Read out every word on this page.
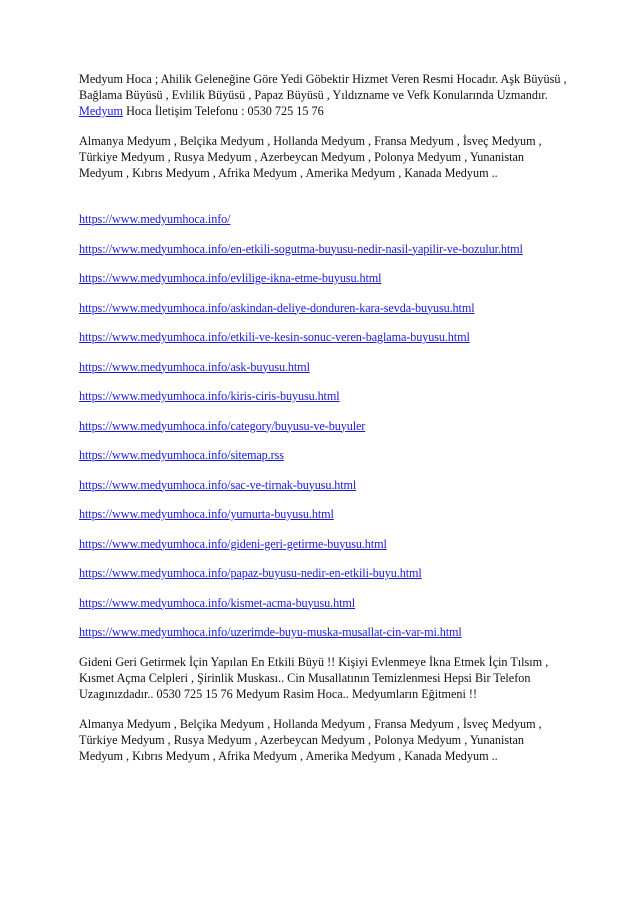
Medyum Hoca ; Ahilik Geleneğine Göre Yedi Göbektir Hizmet Veren Resmi Hocadır. Aşk Büyüsü , Bağlama Büyüsü , Evlilik Büyüsü , Papaz Büyüsü , Yıldızname ve Vefk Konularında Uzmandır. Medyum Hoca İletişim Telefonu : 0530 725 15 76

Almanya Medyum , Belçika Medyum , Hollanda Medyum , Fransa Medyum , İsveç Medyum , Türkiye Medyum , Rusya Medyum , Azerbeycan Medyum , Polonya Medyum , Yunanistan Medyum , Kıbrıs Medyum , Afrika Medyum , Amerika Medyum , Kanada Medyum ..

https://www.medyumhoca.info/
https://www.medyumhoca.info/en-etkili-sogutma-buyusu-nedir-nasil-yapilir-ve-bozulur.html
https://www.medyumhoca.info/evlilige-ikna-etme-buyusu.html
https://www.medyumhoca.info/askindan-deliye-donduren-kara-sevda-buyusu.html
https://www.medyumhoca.info/etkili-ve-kesin-sonuc-veren-baglama-buyusu.html
https://www.medyumhoca.info/ask-buyusu.html
https://www.medyumhoca.info/kiris-ciris-buyusu.html
https://www.medyumhoca.info/category/buyusu-ve-buyuler
https://www.medyumhoca.info/sitemap.rss
https://www.medyumhoca.info/sac-ve-tirnak-buyusu.html
https://www.medyumhoca.info/yumurta-buyusu.html
https://www.medyumhoca.info/gideni-geri-getirme-buyusu.html
https://www.medyumhoca.info/papaz-buyusu-nedir-en-etkili-buyu.html
https://www.medyumhoca.info/kismet-acma-buyusu.html
https://www.medyumhoca.info/uzerimde-buyu-muska-musallat-cin-var-mi.html

Gideni Geri Getirmek İçin Yapılan En Etkili Büyü !! Kişiyi Evlenmeye İkna Etmek İçin Tılsım , Kısmet Açma Celpleri , Şirinlik Muskası.. Cin Musallatının Temizlenmesi Hepsi Bir Telefon Uzagınızdadır.. 0530 725 15 76 Medyum Rasim Hoca.. Medyumların Eğitmeni !!

Almanya Medyum , Belçika Medyum , Hollanda Medyum , Fransa Medyum , İsveç Medyum , Türkiye Medyum , Rusya Medyum , Azerbeycan Medyum , Polonya Medyum , Yunanistan Medyum , Kıbrıs Medyum , Afrika Medyum , Amerika Medyum , Kanada Medyum ..
